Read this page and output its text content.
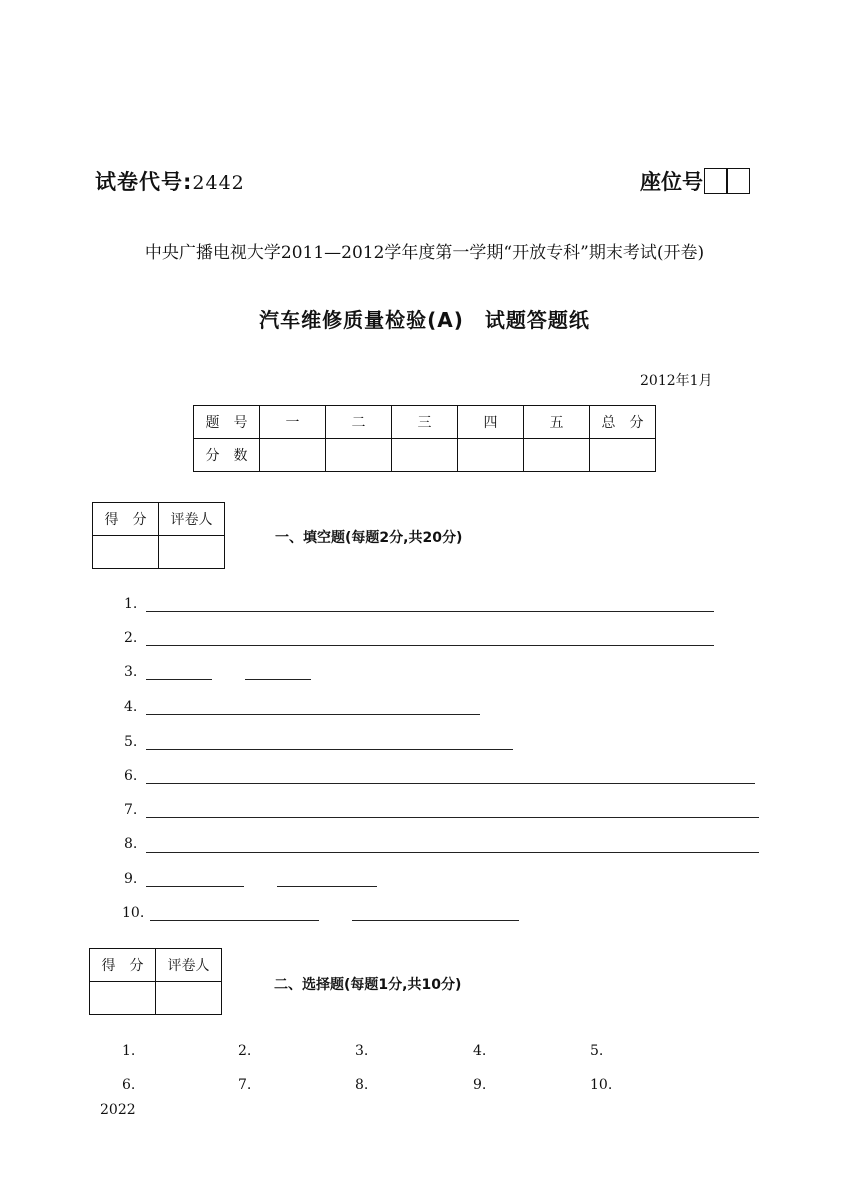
试卷代号:2442	座位号
中央广播电视大学2011—2012学年度第一学期“开放专科”期末考试(开卷)
汽车维修质量检验(A)　试题答题纸
2012年1月
题　号	一	二	三	四	五	总　分
分　数						
得　分	评卷人

一、填空题(每题2分,共20分)
1.
2.
3.
4.
5.
6.
7.
8.
9.
10.
得　分	评卷人

二、选择题(每题1分,共10分)
1.	2.	3.	4.	5.
6.	7.	8.	9.	10.
2022
